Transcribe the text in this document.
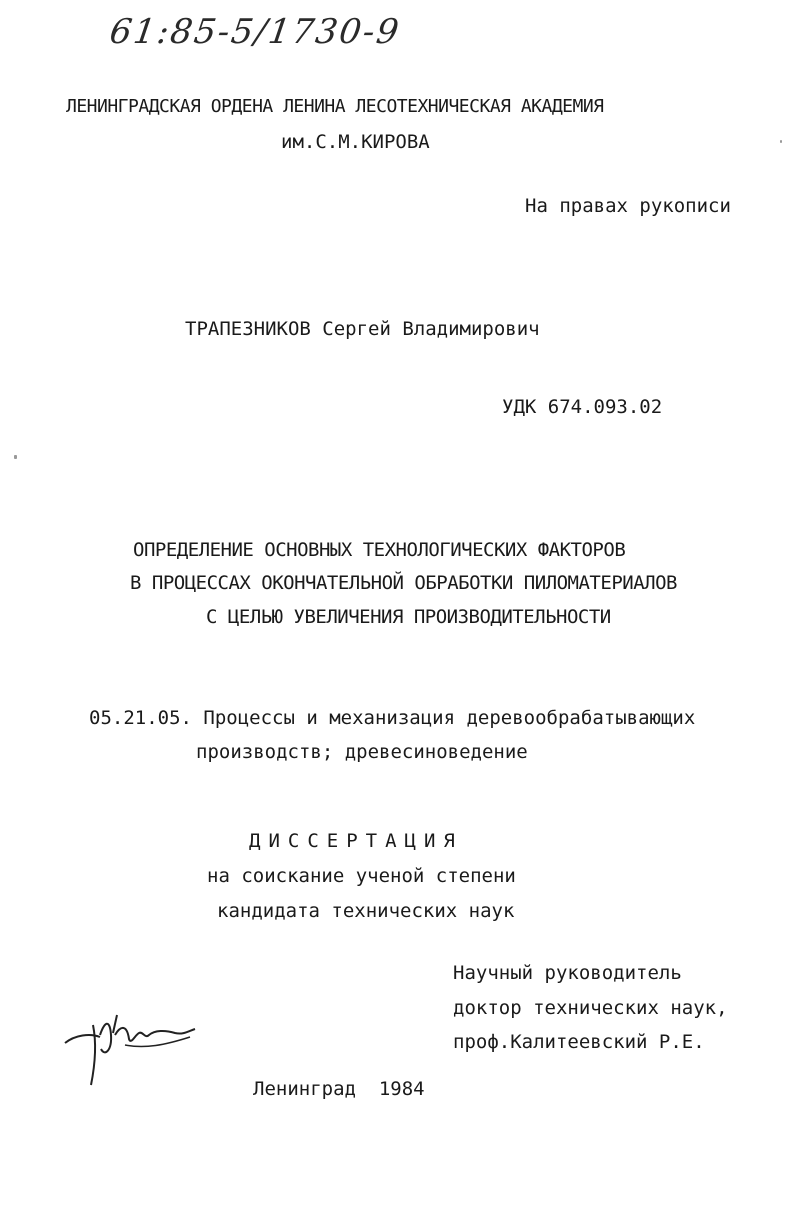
61:85-5/1730-9
ЛЕНИНГРАДСКАЯ ОРДЕНА ЛЕНИНА ЛЕСОТЕХНИЧЕСКАЯ АКАДЕМИЯ
им.С.М.КИРОВА
На правах рукописи
ТРАПЕЗНИКОВ Сергей Владимирович
УДК 674.093.02
ОПРЕДЕЛЕНИЕ ОСНОВНЫХ ТЕХНОЛОГИЧЕСКИХ ФАКТОРОВ
В ПРОЦЕССАХ ОКОНЧАТЕЛЬНОЙ ОБРАБОТКИ ПИЛОМАТЕРИАЛОВ
С ЦЕЛЬЮ УВЕЛИЧЕНИЯ ПРОИЗВОДИТЕЛЬНОСТИ
05.21.05. Процессы и механизация деревообрабатывающих
производств; древесиноведение
ДИССЕРТАЦИЯ
на соискание ученой степени
кандидата технических наук
Научный руководитель
доктор технических наук,
проф.Калитеевский Р.Е.
Ленинград  1984
